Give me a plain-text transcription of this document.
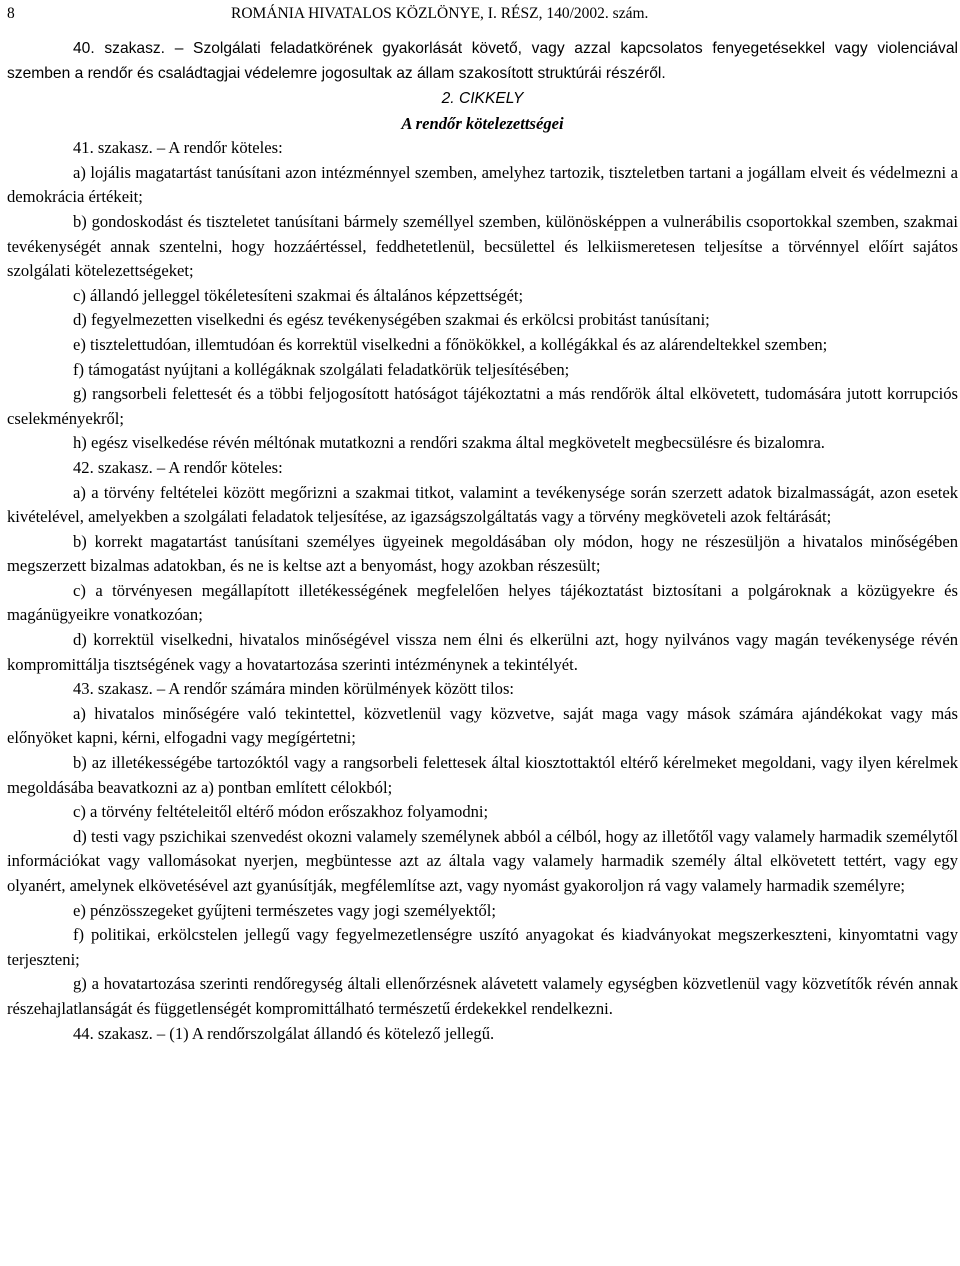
8	ROMÁNIA HIVATALOS KÖZLÖNYE, I. RÉSZ, 140/2002. szám.

40. szakasz. – Szolgálati feladatkörének gyakorlását követő, vagy azzal kapcsolatos fenyegetésekkel vagy violenciával szemben a rendőr és családtagjai védelemre jogosultak az állam szakosított struktúrái részéről.

2. CIKKELY

A rendőr kötelezettségei

41. szakasz. – A rendőr köteles:

a) lojális magatartást tanúsítani azon intézménnyel szemben, amelyhez tartozik, tiszteletben tartani a jogállam elveit és védelmezni a demokrácia értékeit;

b) gondoskodást és tiszteletet tanúsítani bármely személlyel szemben, különösképpen a vulnerábilis csoportokkal szemben, szakmai tevékenységét annak szentelni, hogy hozzáértéssel, feddhetetlenül, becsülettel és lelkiismeretesen teljesítse a törvénnyel előírt sajátos szolgálati kötelezettségeket;

c) állandó jelleggel tökéletesíteni szakmai és általános képzettségét;

d) fegyelmezetten viselkedni és egész tevékenységében szakmai és erkölcsi probitást tanúsítani;

e) tisztelettudóan, illemtudóan és korrektül viselkedni a főnökökkel, a kollégákkal és az alárendeltekkel szemben;

f) támogatást nyújtani a kollégáknak szolgálati feladatkörük teljesítésében;

g) rangsorbeli felettesét és a többi feljogosított hatóságot tájékoztatni a más rendőrök által elkövetett, tudomására jutott korrupciós cselekményekről;

h) egész viselkedése révén méltónak mutatkozni a rendőri szakma által megkövetelt megbecsülésre és bizalomra.

42. szakasz. – A rendőr köteles:

a) a törvény feltételei között megőrizni a szakmai titkot, valamint a tevékenysége során szerzett adatok bizalmasságát, azon esetek kivételével, amelyekben a szolgálati feladatok teljesítése, az igazságszolgáltatás vagy a törvény megköveteli azok feltárását;

b) korrekt magatartást tanúsítani személyes ügyeinek megoldásában oly módon, hogy ne részesüljön a hivatalos minőségében megszerzett bizalmas adatokban, és ne is keltse azt a benyomást, hogy azokban részesült;

c) a törvényesen megállapított illetékességének megfelelően helyes tájékoztatást biztosítani a polgároknak a közügyekre és magánügyeikre vonatkozóan;

d) korrektül viselkedni, hivatalos minőségével vissza nem élni és elkerülni azt, hogy nyilvános vagy magán tevékenysége révén kompromittálja tisztségének vagy a hovatartozása szerinti intézménynek a tekintélyét.

43. szakasz. – A rendőr számára minden körülmények között tilos:

a) hivatalos minőségére való tekintettel, közvetlenül vagy közvetve, saját maga vagy mások számára ajándékokat vagy más előnyöket kapni, kérni, elfogadni vagy megígértetni;

b) az illetékességébe tartozóktól vagy a rangsorbeli felettesek által kiosztottaktól eltérő kérelmeket megoldani, vagy ilyen kérelmek megoldásába beavatkozni az a) pontban említett célokból;

c) a törvény feltételeitől eltérő módon erőszakhoz folyamodni;

d) testi vagy pszichikai szenvedést okozni valamely személynek abból a célból, hogy az illetőtől vagy valamely harmadik személytől információkat vagy vallomásokat nyerjen, megbüntesse azt az általa vagy valamely harmadik személy által elkövetett tettért, vagy egy olyanért, amelynek elkövetésével azt gyanúsítják, megfélemlítse azt, vagy nyomást gyakoroljon rá vagy valamely harmadik személyre;

e) pénzösszegeket gyűjteni természetes vagy jogi személyektől;

f) politikai, erkölcstelen jellegű vagy fegyelmezetlenségre uszító anyagokat és kiadványokat megszerkeszteni, kinyomtatni vagy terjeszteni;

g) a hovatartozása szerinti rendőregység általi ellenőrzésnek alávetett valamely egységben közvetlenül vagy közvetítők révén annak részehajlatlanságát és függetlenségét kompromittálható természetű érdekekkel rendelkezni.

44. szakasz. – (1) A rendőrszolgálat állandó és kötelező jellegű.
